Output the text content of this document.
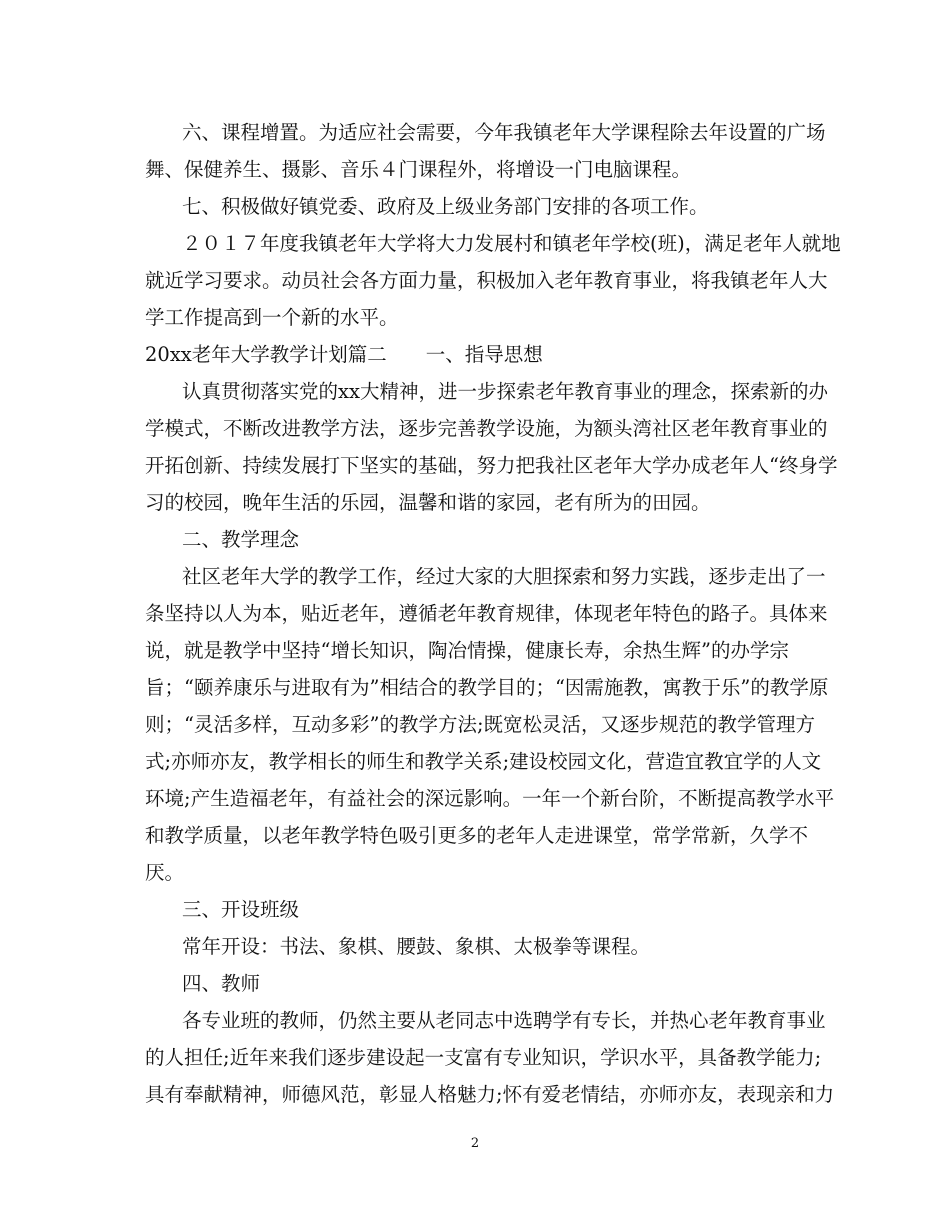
六、课程增置。为适应社会需要，今年我镇老年大学课程除去年设置的广场
舞、保健养生、摄影、音乐４门课程外，将增设一门电脑课程。
七、积极做好镇党委、政府及上级业务部门安排的各项工作。
２０１７年度我镇老年大学将大力发展村和镇老年学校(班)，满足老年人就地
就近学习要求。动员社会各方面力量，积极加入老年教育事业，将我镇老年人大
学工作提高到一个新的水平。
20xx老年大学教学计划篇二　　一、指导思想
认真贯彻落实党的xx大精神，进一步探索老年教育事业的理念，探索新的办
学模式，不断改进教学方法，逐步完善教学设施，为额头湾社区老年教育事业的
开拓创新、持续发展打下坚实的基础，努力把我社区老年大学办成老年人“终身学
习的校园，晚年生活的乐园，温馨和谐的家园，老有所为的田园。
二、教学理念
社区老年大学的教学工作，经过大家的大胆探索和努力实践，逐步走出了一
条坚持以人为本，贴近老年，遵循老年教育规律，体现老年特色的路子。具体来
说，就是教学中坚持“增长知识，陶冶情操，健康长寿，余热生辉”的办学宗
旨；“颐养康乐与进取有为”相结合的教学目的；“因需施教，寓教于乐”的教学原
则；“灵活多样，互动多彩”的教学方法;既宽松灵活，又逐步规范的教学管理方
式;亦师亦友，教学相长的师生和教学关系;建设校园文化，营造宜教宜学的人文
环境;产生造福老年，有益社会的深远影响。一年一个新台阶，不断提高教学水平
和教学质量，以老年教学特色吸引更多的老年人走进课堂，常学常新，久学不
厌。
三、开设班级
常年开设：书法、象棋、腰鼓、象棋、太极拳等课程。
四、教师
各专业班的教师，仍然主要从老同志中选聘学有专长，并热心老年教育事业
的人担任;近年来我们逐步建设起一支富有专业知识，学识水平，具备教学能力;
具有奉献精神，师德风范，彰显人格魅力;怀有爱老情结，亦师亦友，表现亲和力
2
